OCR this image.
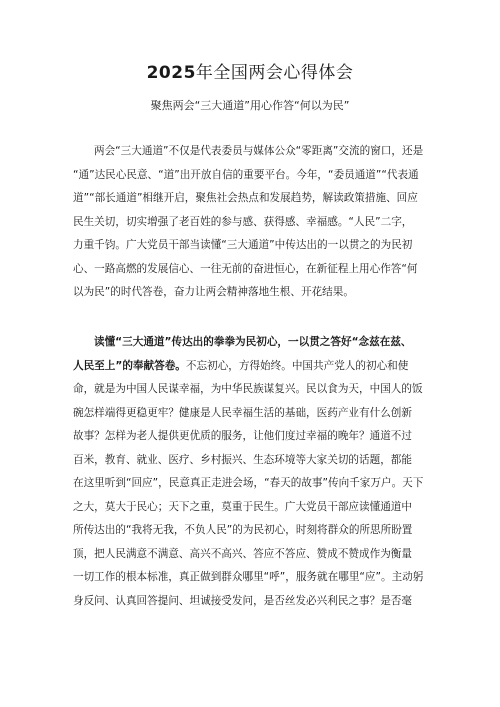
2025年全国两会心得体会
聚焦两会“三大通道”用心作答“何以为民”
两会“三大通道”不仅是代表委员与媒体公众“零距离”交流的窗口，还是
“通”达民心民意、“道”出开放自信的重要平台。今年，“委员通道”“代表通
道”“部长通道”相继开启，聚焦社会热点和发展趋势，解读政策措施、回应
民生关切，切实增强了老百姓的参与感、获得感、幸福感。“人民”二字，
力重千钧。广大党员干部当读懂“三大通道”中传达出的一以贯之的为民初
心、一路高燃的发展信心、一往无前的奋进恒心，在新征程上用心作答“何
以为民”的时代答卷，奋力让两会精神落地生根、开花结果。
读懂“三大通道”传达出的拳拳为民初心，一以贯之答好“念兹在兹、
人民至上”的奉献答卷。不忘初心，方得始终。中国共产党人的初心和使
命，就是为中国人民谋幸福，为中华民族谋复兴。民以食为天，中国人的饭
碗怎样端得更稳更牢？健康是人民幸福生活的基础，医药产业有什么创新
故事？怎样为老人提供更优质的服务，让他们度过幸福的晚年？通道不过
百米，教育、就业、医疗、乡村振兴、生态环境等大家关切的话题，都能
在这里听到“回应”，民意真正走进会场，“春天的故事”传向千家万户。天下
之大，莫大于民心；天下之重，莫重于民生。广大党员干部应读懂通道中
所传达出的“我将无我，不负人民”的为民初心，时刻将群众的所思所盼置
顶，把人民满意不满意、高兴不高兴、答应不答应、赞成不赞成作为衡量
一切工作的根本标准，真正做到群众哪里“呼”，服务就在哪里“应”。主动躬
身反问、认真回答提问、坦诚接受发问，是否丝发必兴利民之事？是否毫
